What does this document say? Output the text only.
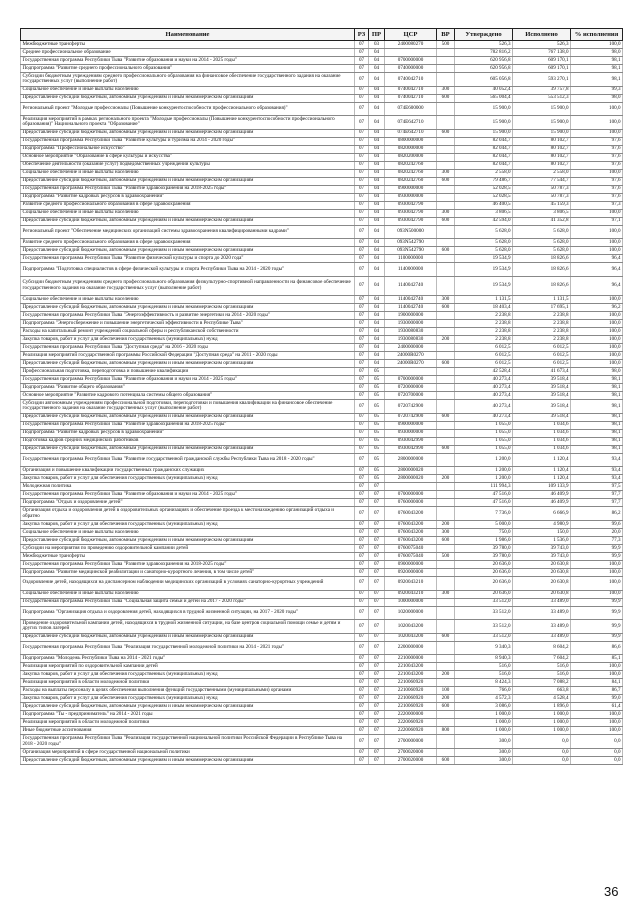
Наименование	РЗ	ПР	ЦСР	ВР	Утверждено	Исполнено	% исполнения
Межбюджетные трансферты	07	03	2400080270	500	526,3	526,3	100,0
Среднее профессиональное образование	07	04			782 816,2	767 138,0	98,0
Государственная программа Республики Тыва "Развитие образования и науки на 2014 - 2025 годы"	07	04	0700000000		620 956,8	609 170,1	98,1
Подпрограмма "Развитие среднего профессионального образования"	07	04	0740000000		620 956,8	609 170,1	98,1
Субсидии бюджетным учреждениям среднего профессионального образования на финансовое обеспечение государственного задания на оказание государственных услуг (выполнение работ)	07	04	0740042710		605 056,8	593 270,1	98,1
Социальное обеспечение и иные выплаты населению	07	04	0740042710	300	40 052,4	39 757,8	99,3
Предоставление субсидий бюджетным, автономным учреждениям и иным некоммерческим организациям	07	04	0740042710	600	565 004,4	553 512,3	98,0
Региональный проект "Молодые профессионалы (Повышение конкурентоспособности профессионального образования)"	07	04	074E600000		15 900,0	15 900,0	100,0
Реализация мероприятий в рамках регионального проекта "Молодые профессионалы (Повышение конкурентоспособности профессионального образования)" Национального проекта "Образование"	07	04	074E642710		15 900,0	15 900,0	100,0
Предоставление субсидий бюджетным, автономным учреждениям и иным некоммерческим организациям	07	04	074E642710	600	15 900,0	15 900,0	100,0
Государственная программа Республики Тыва "Развитие культуры и туризма на 2014 - 2020 годы"	07	04	0800000000		82 044,7	80 102,7	97,6
Подпрограмма "Профессиональное искусство"	07	04	0820000000		82 044,7	80 102,7	97,6
Основное мероприятие "Образование в сфере культуры и искусства"	07	04	0820200000		82 044,7	80 102,7	97,6
Обеспечение деятельности (оказание услуг) подведомственных учреждений культуры	07	04	0820242760		82 044,7	80 102,7	97,6
Социальное обеспечение и иные выплаты населению	07	04	0820242760	300	2 558,0	2 558,0	100,0
Предоставление субсидий бюджетным, автономным учреждениям и иным некоммерческим организациям	07	04	0820242760	600	79 486,7	77 544,7	97,6
Государственная программа Республики Тыва "Развитие здравоохранения на 2018-2025 годы"	07	04	0900000000		52 028,5	50 787,3	97,6
Подпрограмма "Развитие кадровых ресурсов в здравоохранении"	07	04	0930000000		52 028,5	50 787,3	97,6
Развитие среднего профессионального образования в сфере здравоохранения	07	04	0930042790		46 400,5	45 159,3	97,3
Социальное обеспечение и иные выплаты населению	07	04	0930042790	300	3 806,5	3 806,5	100,0
Предоставление субсидий бюджетным, автономным учреждениям и иным некоммерческим организациям	07	04	0930042790	600	42 594,0	41 352,8	97,1
Региональный проект "Обеспечение медицинских организаций системы здравоохранения квалифицированными кадрами"	07	04	093N500000		5 628,0	5 628,0	100,0
Развитие среднего профессионального образования в сфере здравоохранения	07	04	093N542790		5 628,0	5 628,0	100,0
Предоставление субсидий бюджетным, автономным учреждениям и иным некоммерческим организациям	07	04	093N542790	600	5 628,0	5 628,0	100,0
Государственная программа Республики Тыва "Развитие физической культуры и спорта до 2020 года"	07	04	1100000000		19 534,9	18 826,6	96,4
Подпрограмма "Подготовка специалистов в сфере физической культуры и спорта Республики Тыва на 2014 - 2020 годы"	07	04	1140000000		19 534,9	18 826,6	96,4
Субсидии бюджетным учреждениям среднего профессионального образования физкультурно-спортивной направленности на финансовое обеспечение государственного задания на оказание государственных услуг (выполнение работ)	07	04	1140042740		19 534,9	18 826,6	96,4
Социальное обеспечение и иные выплаты населению	07	04	1140042740	300	1 131,5	1 131,5	100,0
Предоставление субсидий бюджетным, автономным учреждениям и иным некоммерческим организациям	07	04	1140042740	600	18 403,4	17 695,1	96,2
Государственная программа Республики Тыва "Энергоэффективность и развитие энергетики на 2014 - 2020 годы"	07	04	1900000000		2 238,8	2 238,8	100,0
Подпрограмма "Энергосбережение и повышение энергетической эффективности в Республике Тыва"	07	04	1930000000		2 238,8	2 238,8	100,0
Расходы на капитальный ремонт учреждений социальной сферы и республиканской собственности	07	04	1930080830		2 238,8	2 238,8	100,0
Закупка товаров, работ и услуг для обеспечения государственных (муниципальных) нужд	07	04	1930080830	200	2 238,8	2 238,8	100,0
Государственная программа Республики Тыва "Доступная среда" на 2016 - 2020 годы	07	04	2400000000		6 012,5	6 012,5	100,0
Реализация мероприятий государственной программы Российской Федерации "Доступная среда" на 2011 - 2020 годы	07	04	24000R0270		6 012,5	6 012,5	100,0
Предоставление субсидий бюджетным, автономным учреждениям и иным некоммерческим организациям	07	04	24000R0270	600	6 012,5	6 012,5	100,0
Профессиональная подготовка, переподготовка и повышение квалификации	07	05			42 528,4	41 673,4	98,0
Государственная программа Республики Тыва "Развитие образования и науки на 2014 - 2025 годы"	07	05	0700000000		40 273,4	39 518,4	98,1
Подпрограмма "Развитие общего образования"	07	05	0720000000		40 273,4	39 518,4	98,1
Основное мероприятие "Развитие кадрового потенциала системы общего образования"	07	05	0720700000		40 273,4	39 518,4	98,1
Субсидии автономным учреждениям профессиональной подготовки, переподготовки и повышения квалификации на финансовое обеспечение государственного задания на оказание государственных услуг (выполнение работ)	07	05	0720742900		40 273,4	39 518,4	98,1
Предоставление субсидий бюджетным, автономным учреждениям и иным некоммерческим организациям	07	05	0720742900	600	40 273,4	39 518,4	98,1
Государственная программа Республики Тыва "Развитие здравоохранения на 2018-2025 годы"	07	05	0900000000		1 055,0	1 034,6	98,1
Подпрограмма "Развитие кадровых ресурсов в здравоохранении"	07	05	0930000000		1 055,0	1 034,6	98,1
Подготовка кадров средних медицинских работников	07	05	0930042990		1 055,0	1 034,6	98,1
Предоставление субсидий бюджетным, автономным учреждениям и иным некоммерческим организациям	07	05	0930042990	600	1 055,0	1 034,6	98,1
Государственная программа Республики Тыва "Развитие государственной гражданской службы Республики Тыва на 2018 - 2020 годы"	07	05	2800000000		1 200,0	1 120,4	93,4
Организация и повышение квалификации государственных гражданских служащих	07	05	2800000020		1 200,0	1 120,4	93,4
Закупка товаров, работ и услуг для обеспечения государственных (муниципальных) нужд	07	05	2800000020	200	1 200,0	1 120,4	93,4
Молодежная политика	07	07			111 994,3	109 133,9	97,5
Государственная программа Республики Тыва "Развитие образования и науки на 2014 - 2025 годы"	07	07	0700000000		47 516,0	46 409,9	97,7
Подпрограмма "Отдых и оздоровление детей"	07	07	0760000000		47 516,0	46 409,9	97,7
Организация отдыха и оздоровления детей в оздоровительных организациях и обеспечение проезда к местонахождению организаций отдыха и обратно	07	07	0760043200		7 736,0	6 666,9	86,2
Закупка товаров, работ и услуг для обеспечения государственных (муниципальных) нужд	07	07	0760043200	200	5 000,0	4 980,9	99,6
Социальное обеспечение и иные выплаты населению	07	07	0760043200	300	750,0	150,0	20,0
Предоставление субсидий бюджетным, автономным учреждениям и иным некоммерческим организациям	07	07	0760043200	600	1 986,0	1 536,0	77,3
Субсидии на мероприятия по проведению оздоровительной кампании детей	07	07	0760075040		39 780,0	39 743,0	99,9
Межбюджетные трансферты	07	07	0760075040	500	39 780,0	39 743,0	99,9
Государственная программа Республики Тыва "Развитие здравоохранения на 2018-2025 годы"	07	07	0900000000		20 636,0	20 630,8	100,0
Подпрограмма "Развитие медицинской реабилитации и санаторно-курортного лечения, в том числе детей"	07	07	0920000000		20 636,0	20 630,8	100,0
Оздоровление детей, находящихся на диспансерном наблюдении медицинских организаций в условиях санаторно-курортных учреждений	07	07	0920043210		20 636,0	20 630,8	100,0
Социальное обеспечение и иные выплаты населению	07	07	0920043210	300	20 636,0	20 630,8	100,0
Государственная программа Республики Тыва "Социальная защита семьи и детей на 2017 - 2020 годы"	07	07	1000000000		33 512,0	33 489,0	99,9
Подпрограмма "Организация отдыха и оздоровления детей, находящихся в трудной жизненной ситуации, на 2017 - 2020 годы"	07	07	1020000000		33 512,0	33 489,0	99,9
Проведение оздоровительной кампании детей, находящихся в трудной жизненной ситуации, на базе центров социальной помощи семье и детям и других типов лагерей	07	07	1020043200		33 512,0	33 489,0	99,9
Предоставление субсидий бюджетным, автономным учреждениям и иным некоммерческим организациям	07	07	1020043200	600	33 512,0	33 489,0	99,9
Государственная программа Республики Тыва "Реализация государственной молодежной политики на 2014 - 2021 годы"	07	07	2200000000		9 340,3	8 604,2	86,6
Подпрограмма "Молодежь Республики Тыва на 2014 - 2021 годы"	07	07	2210000000		8 940,3	7 604,2	85,1
Реализация мероприятий по оздоровительной кампании детей	07	07	2210043200		516,0	516,0	100,0
Закупка товаров, работ и услуг для обеспечения государственных (муниципальных) нужд	07	07	2210043200	200	516,0	516,0	100,0
Реализация мероприятий в области молодежной политики	07	07	2210060920		8 424,3	7 088,2	84,1
Расходы на выплаты персоналу в целях обеспечения выполнения функций государственными (муниципальными) органами	07	07	2210060920	100	766,0	663,8	86,7
Закупка товаров, работ и услуг для обеспечения государственных (муниципальных) нужд	07	07	2210060920	200	4 572,3	4 528,4	99,0
Предоставление субсидий бюджетным, автономным учреждениям и иным некоммерческим организациям	07	07	2210060920	600	3 086,0	1 896,0	61,4
Подпрограмма "Ты - предприниматель" на 2014 - 2021 годы	07	07	2220000000		1 000,0	1 000,0	100,0
Реализация мероприятий в области молодежной политики	07	07	2220060920		1 000,0	1 000,0	100,0
Иные бюджетные ассигнования	07	07	2220060920	800	1 000,0	1 000,0	100,0
Государственная программа Республики Тыва "Реализация государственной национальной политики Российской Федерации в Республике Тыва на 2018 - 2020 годы"	07	07	2700000000		300,0	0,0	0,0
Организация мероприятий в сфере государственной национальной политики	07	07	2700020000		300,0	0,0	0,0
Предоставление субсидий бюджетным, автономным учреждениям и иным некоммерческим организациям	07	07	2700020000	600	300,0	0,0	0,0
36
